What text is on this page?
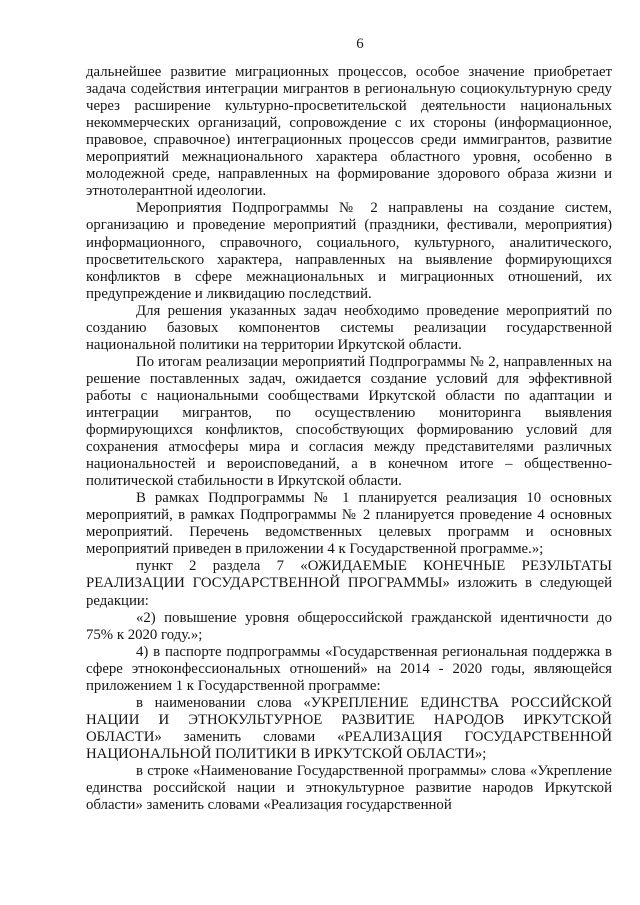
6

дальнейшее развитие миграционных процессов, особое значение приобретает задача содействия интеграции мигрантов в региональную социокультурную среду через расширение культурно-просветительской деятельности национальных некоммерческих организаций, сопровождение с их стороны (информационное, правовое, справочное) интеграционных процессов среди иммигрантов, развитие мероприятий межнационального характера областного уровня, особенно в молодежной среде, направленных на формирование здорового образа жизни и этнотолерантной идеологии.

Мероприятия Подпрограммы № 2 направлены на создание систем, организацию и проведение мероприятий (праздники, фестивали, мероприятия) информационного, справочного, социального, культурного, аналитического, просветительского характера, направленных на выявление формирующихся конфликтов в сфере межнациональных и миграционных отношений, их предупреждение и ликвидацию последствий.

Для решения указанных задач необходимо проведение мероприятий по созданию базовых компонентов системы реализации государственной национальной политики на территории Иркутской области.

По итогам реализации мероприятий Подпрограммы № 2, направленных на решение поставленных задач, ожидается создание условий для эффективной работы с национальными сообществами Иркутской области по адаптации и интеграции мигрантов, по осуществлению мониторинга выявления формирующихся конфликтов, способствующих формированию условий для сохранения атмосферы мира и согласия между представителями различных национальностей и вероисповеданий, а в конечном итоге – общественно-политической стабильности в Иркутской области.

В рамках Подпрограммы № 1 планируется реализация 10 основных мероприятий, в рамках Подпрограммы № 2 планируется проведение 4 основных мероприятий. Перечень ведомственных целевых программ и основных мероприятий приведен в приложении 4 к Государственной программе.»;

пункт 2 раздела 7 «ОЖИДАЕМЫЕ КОНЕЧНЫЕ РЕЗУЛЬТАТЫ РЕАЛИЗАЦИИ ГОСУДАРСТВЕННОЙ ПРОГРАММЫ» изложить в следующей редакции:

«2) повышение уровня общероссийской гражданской идентичности до 75% к 2020 году.»;

4) в паспорте подпрограммы «Государственная региональная поддержка в сфере этноконфессиональных отношений» на 2014 - 2020 годы, являющейся приложением 1 к Государственной программе:

в наименовании слова «УКРЕПЛЕНИЕ ЕДИНСТВА РОССИЙСКОЙ НАЦИИ И ЭТНОКУЛЬТУРНОЕ РАЗВИТИЕ НАРОДОВ ИРКУТСКОЙ ОБЛАСТИ» заменить словами «РЕАЛИЗАЦИЯ ГОСУДАРСТВЕННОЙ НАЦИОНАЛЬНОЙ ПОЛИТИКИ В ИРКУТСКОЙ ОБЛАСТИ»;

в строке «Наименование Государственной программы» слова «Укрепление единства российской нации и этнокультурное развитие народов Иркутской области» заменить словами «Реализация государственной
